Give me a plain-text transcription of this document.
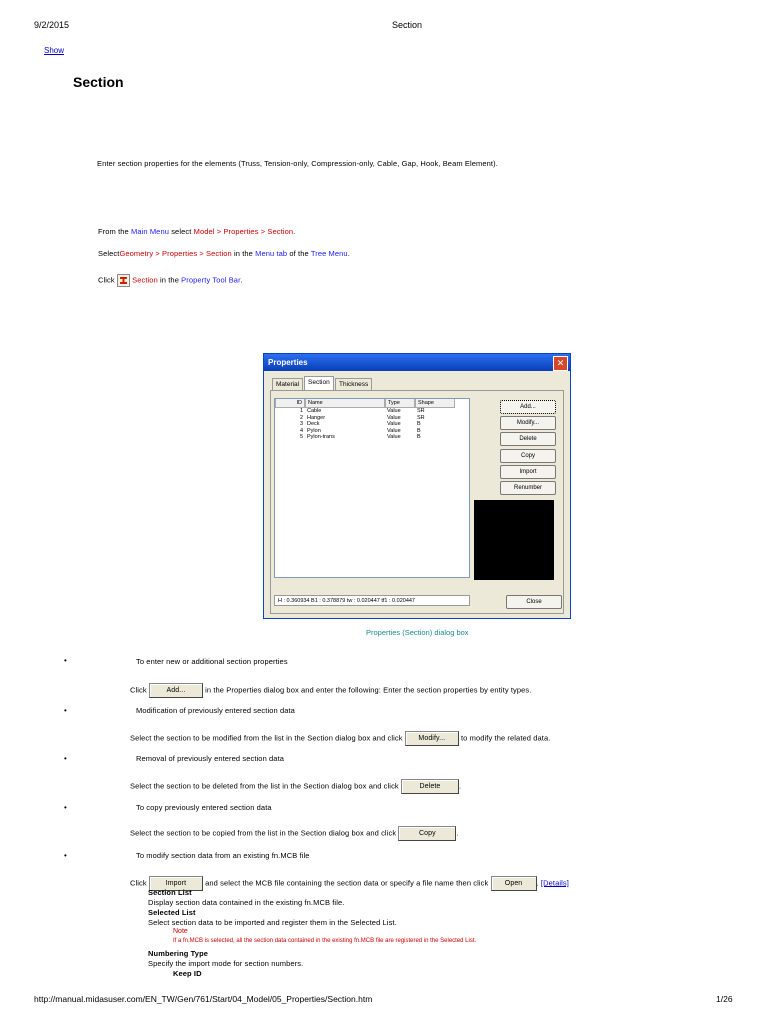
9/2/2015	Section
Show
Section
Enter section properties for the elements (Truss, Tension-only, Compression-only, Cable, Gap, Hook, Beam Element).
From the Main Menu select Model > Properties > Section.
SelectGeometry > Properties > Section in the Menu tab of the Tree Menu.
Click Section in the Property Tool Bar.
Properties	✕
Material	Section	Thickness
ID	Name	Type	Shape
1 Cable	Value	SR
2 Hanger	Value	SR
3 Deck	Value	B
4 Pylon	Value	B
5 Pylon-trans	Value	B
Add...
Modify...
Delete
Copy
Import
Renumber
H : 0.360934 B1 : 0.378879 tw : 0.020447 tf1 : 0.020447	Close
Properties (Section) dialog box
•	To enter new or additional section properties
Click	Add...	in the Properties dialog box and enter the following: Enter the section properties by entity types.
•	Modification of previously entered section data
Select the section to be modified from the list in the Section dialog box and click Modify... to modify the related data.
•	Removal of previously entered section data
Select the section to be deleted from the list in the Section dialog box and click	Delete .
•	To copy previously entered section data
Select the section to be copied from the list in the Section dialog box and click	Copy	.
•	To modify section data from an existing fn.MCB file
Click	Import	and select the MCB file containing the section data or specify a file name then click Open . [Details]
Section List
Display section data contained in the existing fn.MCB file.
Selected List
Select section data to be imported and register them in the Selected List.
Note
If a fn.MCB is selected, all the section data contained in the existing fn.MCB file are registered in the Selected List.
Numbering Type
Specify the import mode for section numbers.
Keep ID
http://manual.midasuser.com/EN_TW/Gen/761/Start/04_Model/05_Properties/Section.htm	1/26
